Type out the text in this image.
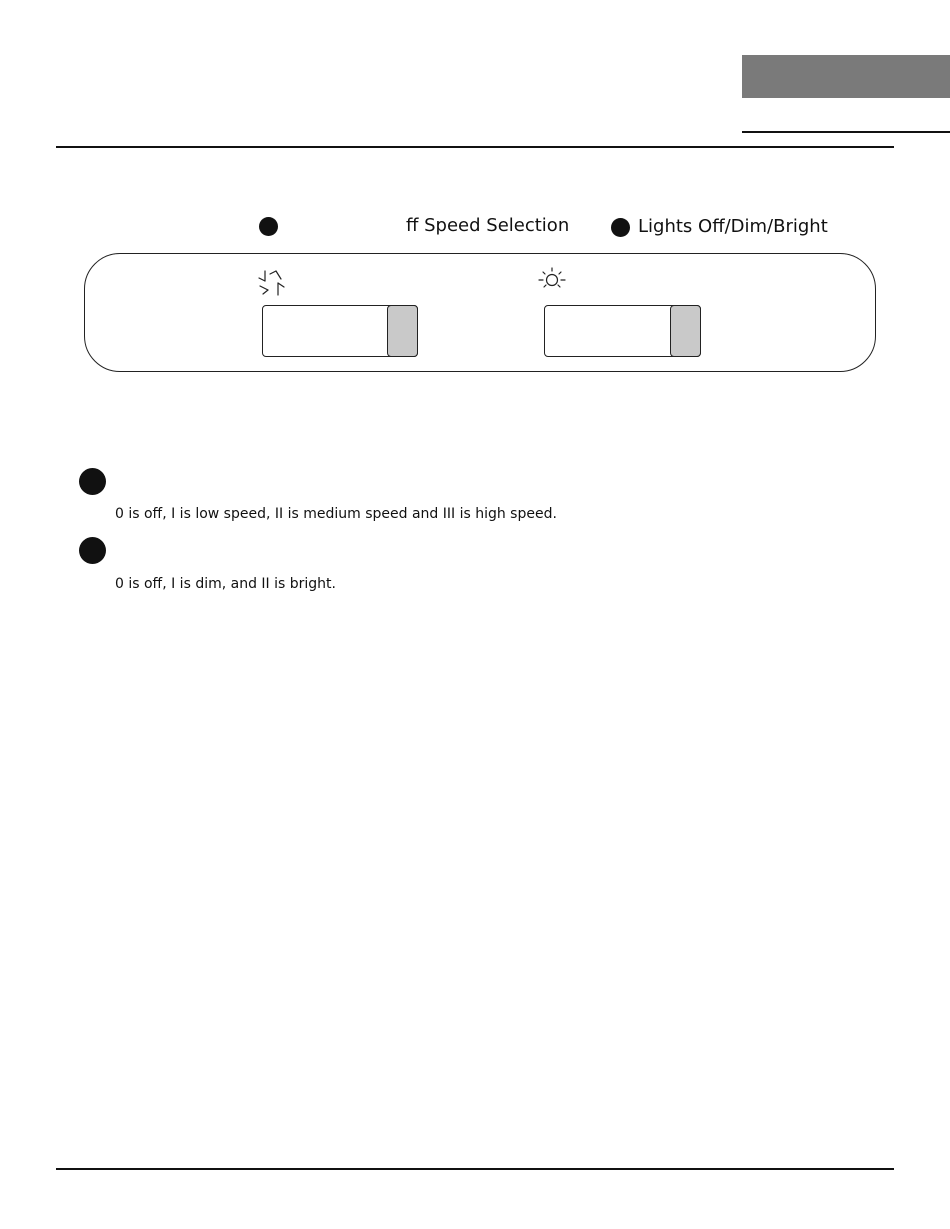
ff Speed Selection	Lights Off/Dim/Bright
0 is off, I is low speed, II is medium speed and III is high speed.
0 is off, I is dim, and II is bright.
